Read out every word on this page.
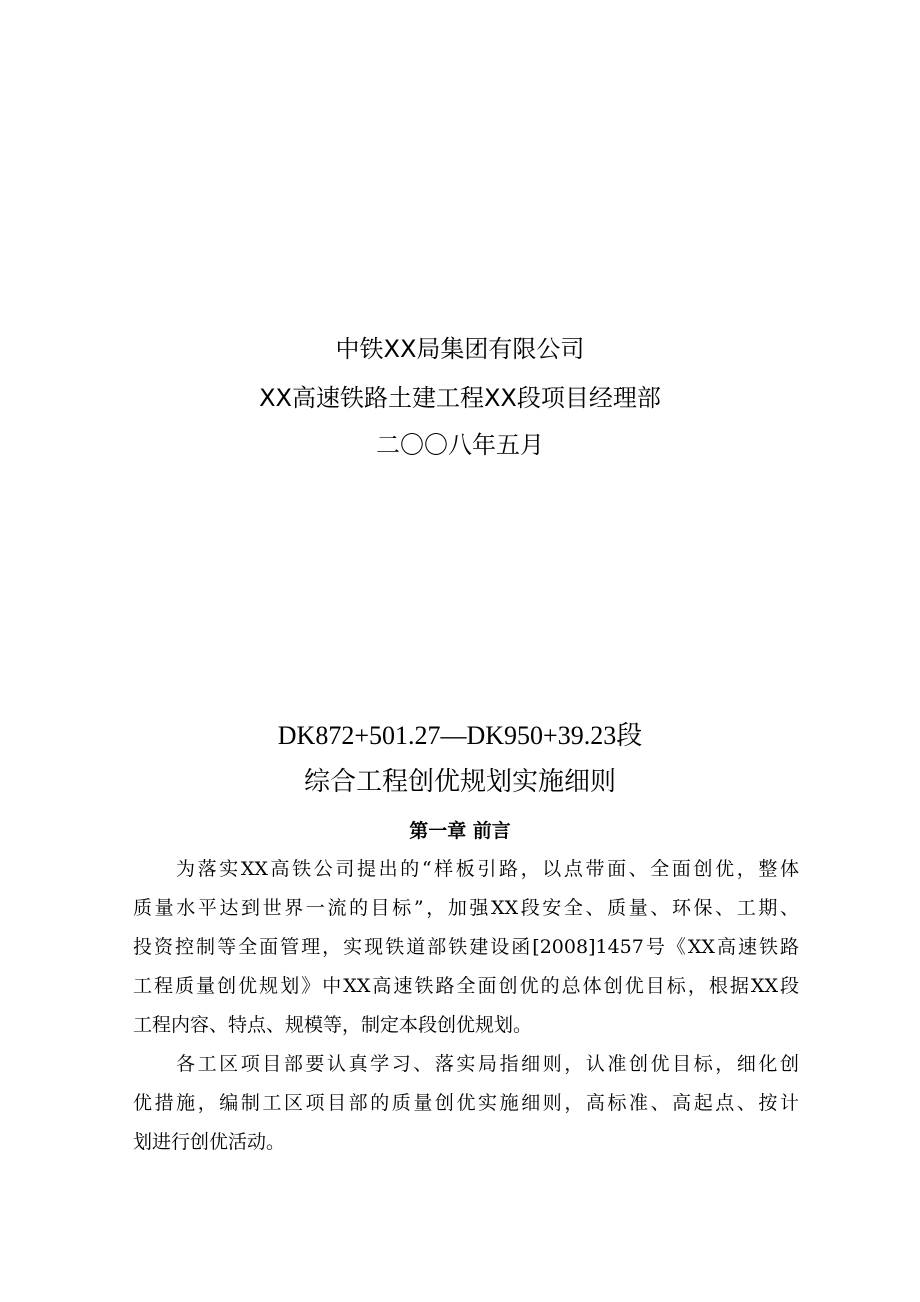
中铁XX局集团有限公司
XX高速铁路土建工程XX段项目经理部
二〇〇八年五月
DK872+501.27—DK950+39.23段
综合工程创优规划实施细则
第一章 前言
为落实XX高铁公司提出的“样板引路，以点带面、全面创优，整体
质量水平达到世界一流的目标”，加强XX段安全、质量、环保、工期、
投资控制等全面管理，实现铁道部铁建设函[2008]1457号《XX高速铁路
工程质量创优规划》中XX高速铁路全面创优的总体创优目标，根据XX段
工程内容、特点、规模等，制定本段创优规划。
各工区项目部要认真学习、落实局指细则，认准创优目标，细化创
优措施，编制工区项目部的质量创优实施细则，高标准、高起点、按计
划进行创优活动。
